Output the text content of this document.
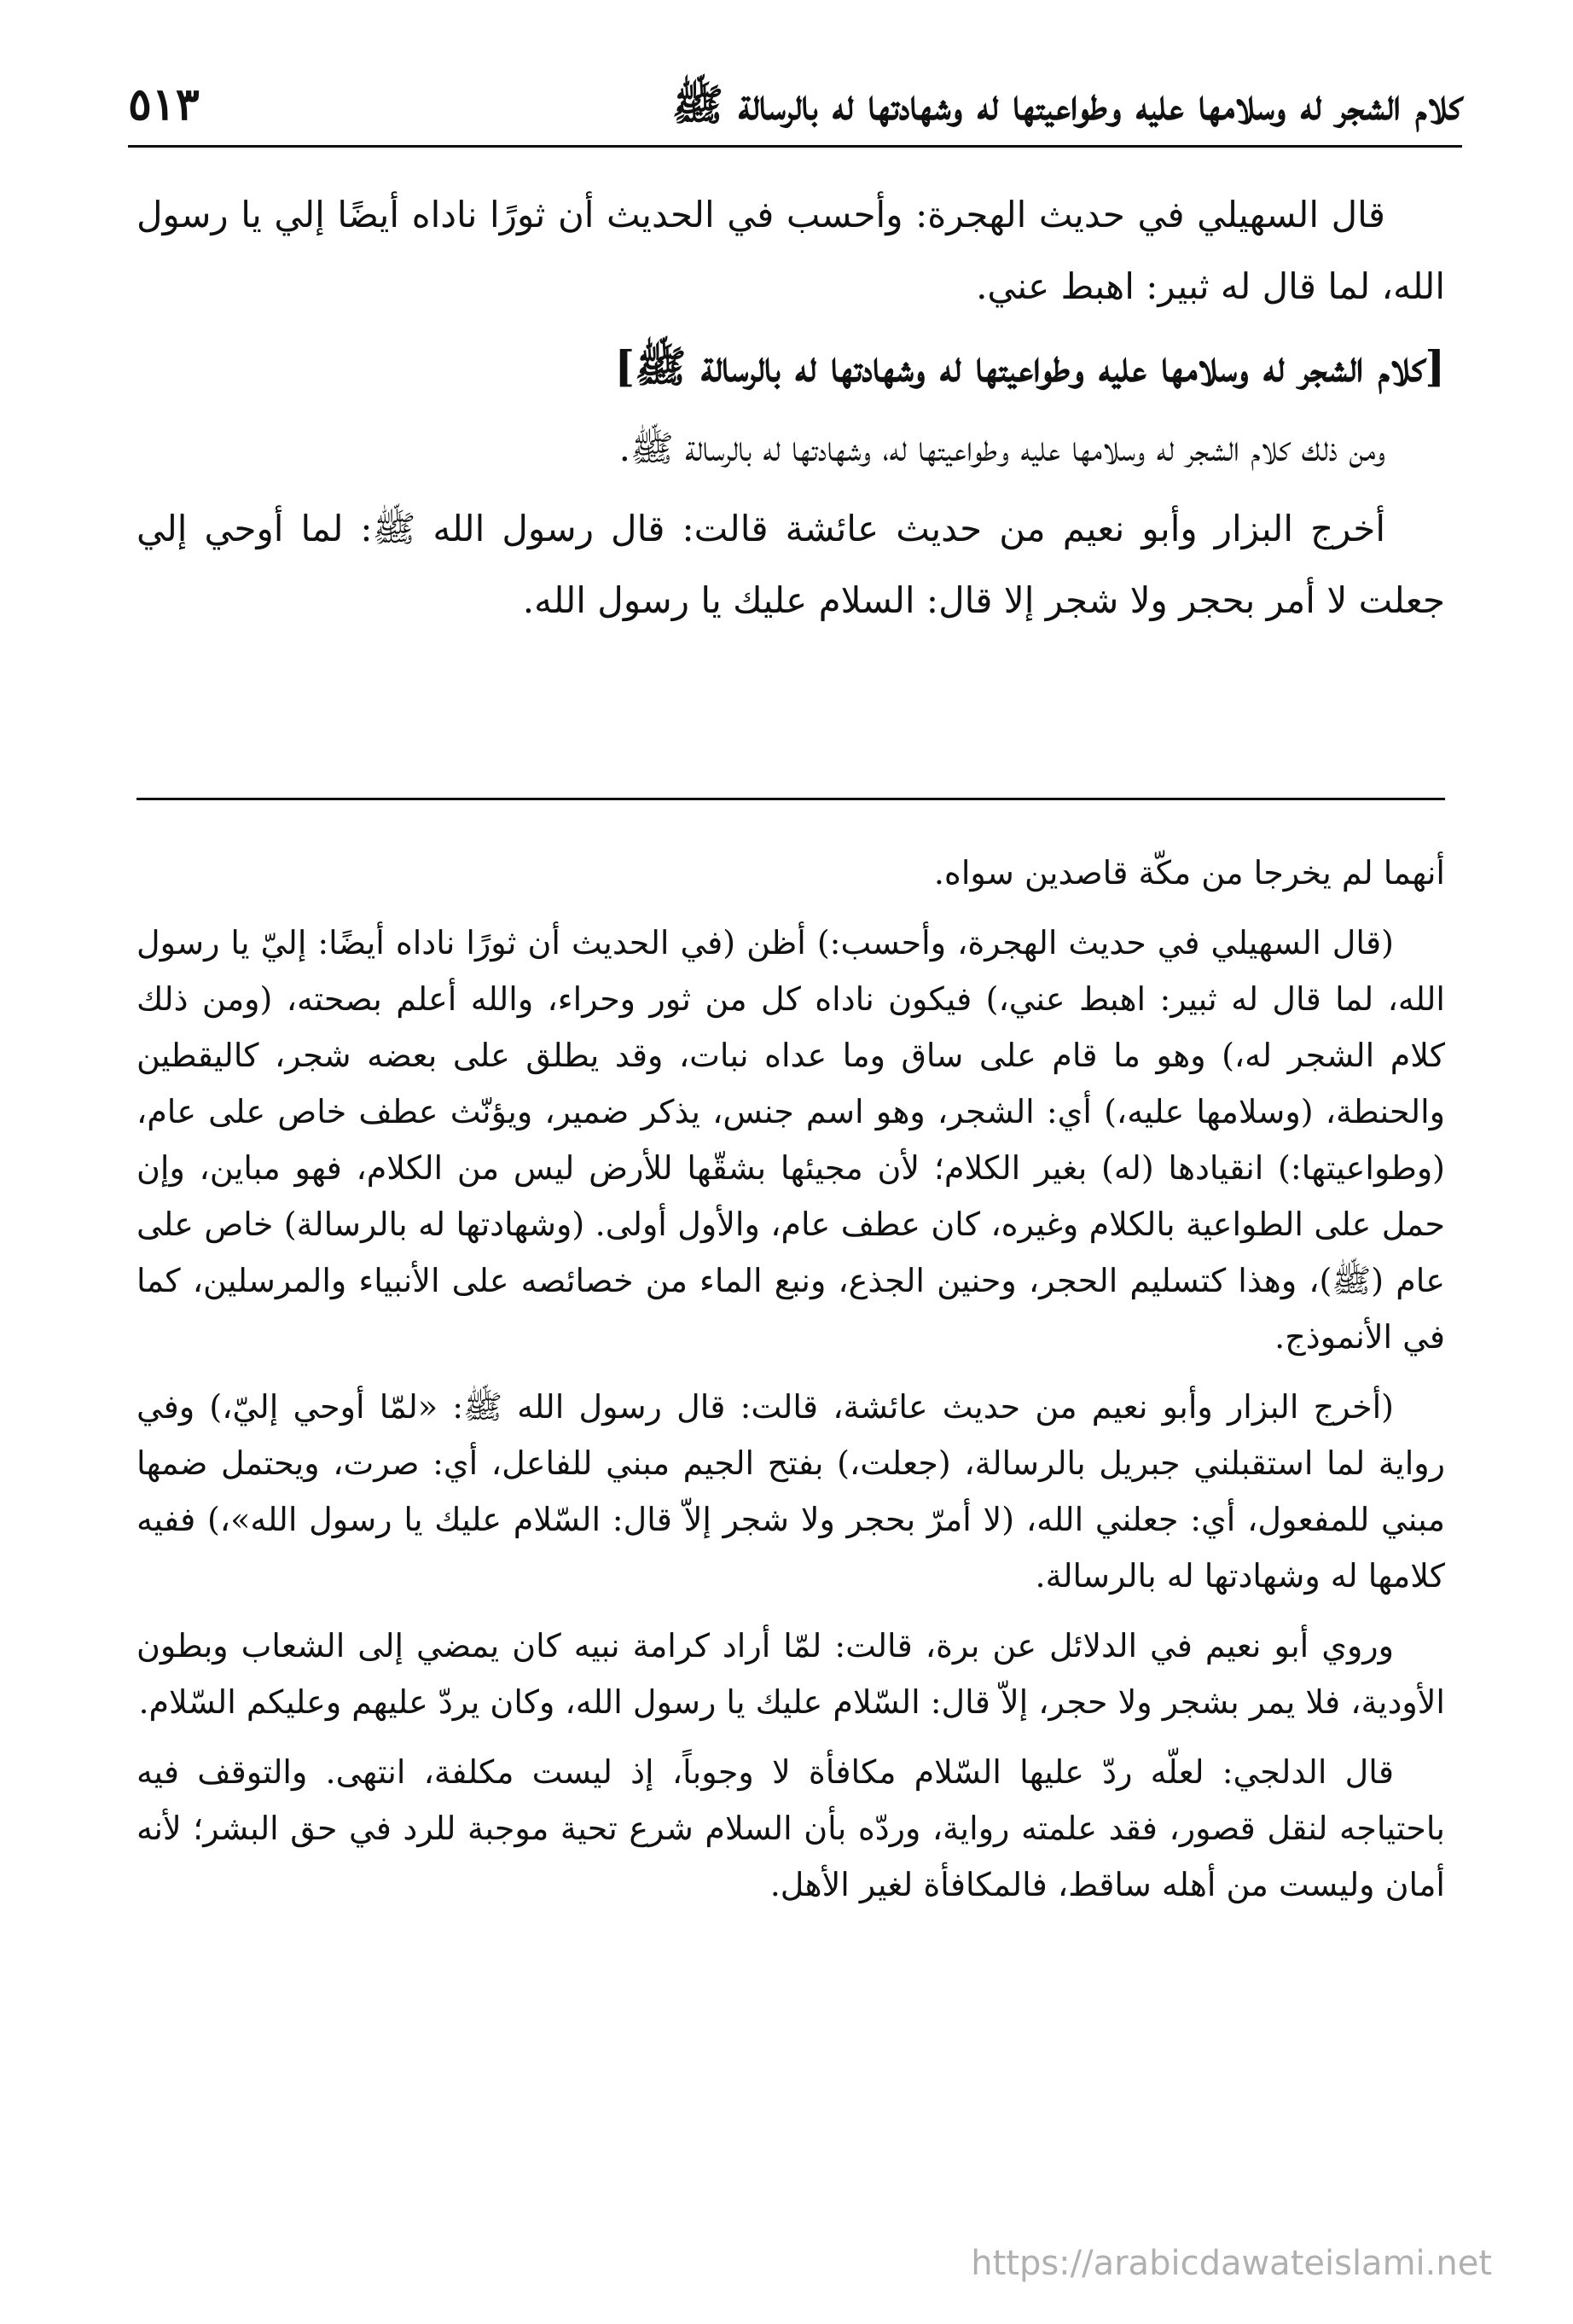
كلام الشجر له وسلامها عليه وطواعيتها له وشهادتها له بالرسالة ﷺ
٥١٣

قال السهيلي في حديث الهجرة: وأحسب في الحديث أن ثورًا ناداه أيضًا إلي يا رسول الله، لما قال له ثبير: اهبط عني.

[كلام الشجر له وسلامها عليه وطواعيتها له وشهادتها له بالرسالة ﷺ]

ومن ذلك كلام الشجر له وسلامها عليه وطواعيتها له، وشهادتها له بالرسالة ﷺ.

أخرج البزار وأبو نعيم من حديث عائشة قالت: قال رسول الله ﷺ: لما أوحي إلي جعلت لا أمر بحجر ولا شجر إلا قال: السلام عليك يا رسول الله.

أنهما لم يخرجا من مكّة قاصدين سواه.

(قال السهيلي في حديث الهجرة، وأحسب:) أظن (في الحديث أن ثورًا ناداه أيضًا: إليّ يا رسول الله، لما قال له ثبير: اهبط عني،) فيكون ناداه كل من ثور وحراء، والله أعلم بصحته، (ومن ذلك كلام الشجر له،) وهو ما قام على ساق وما عداه نبات، وقد يطلق على بعضه شجر، كاليقطين والحنطة، (وسلامها عليه،) أي: الشجر، وهو اسم جنس، يذكر ضمير، ويؤنّث عطف خاص على عام، (وطواعيتها:) انقيادها (له) بغير الكلام؛ لأن مجيئها بشقّها للأرض ليس من الكلام، فهو مباين، وإن حمل على الطواعية بالكلام وغيره، كان عطف عام، والأول أولى. (وشهادتها له بالرسالة) خاص على عام (ﷺ)، وهذا كتسليم الحجر، وحنين الجذع، ونبع الماء من خصائصه على الأنبياء والمرسلين، كما في الأنموذج.

(أخرج البزار وأبو نعيم من حديث عائشة، قالت: قال رسول الله ﷺ: «لمّا أوحي إليّ،) وفي رواية لما استقبلني جبريل بالرسالة، (جعلت،) بفتح الجيم مبني للفاعل، أي: صرت، ويحتمل ضمها مبني للمفعول، أي: جعلني الله، (لا أمرّ بحجر ولا شجر إلاّ قال: السّلام عليك يا رسول الله»،) ففيه كلامها له وشهادتها له بالرسالة.

وروي أبو نعيم في الدلائل عن برة، قالت: لمّا أراد كرامة نبيه كان يمضي إلى الشعاب وبطون الأودية، فلا يمر بشجر ولا حجر، إلاّ قال: السّلام عليك يا رسول الله، وكان يردّ عليهم وعليكم السّلام.

قال الدلجي: لعلّه ردّ عليها السّلام مكافأة لا وجوباً، إذ ليست مكلفة، انتهى. والتوقف فيه باحتياجه لنقل قصور، فقد علمته رواية، وردّه بأن السلام شرع تحية موجبة للرد في حق البشر؛ لأنه أمان وليست من أهله ساقط، فالمكافأة لغير الأهل.

https://arabicdawateislami.net
